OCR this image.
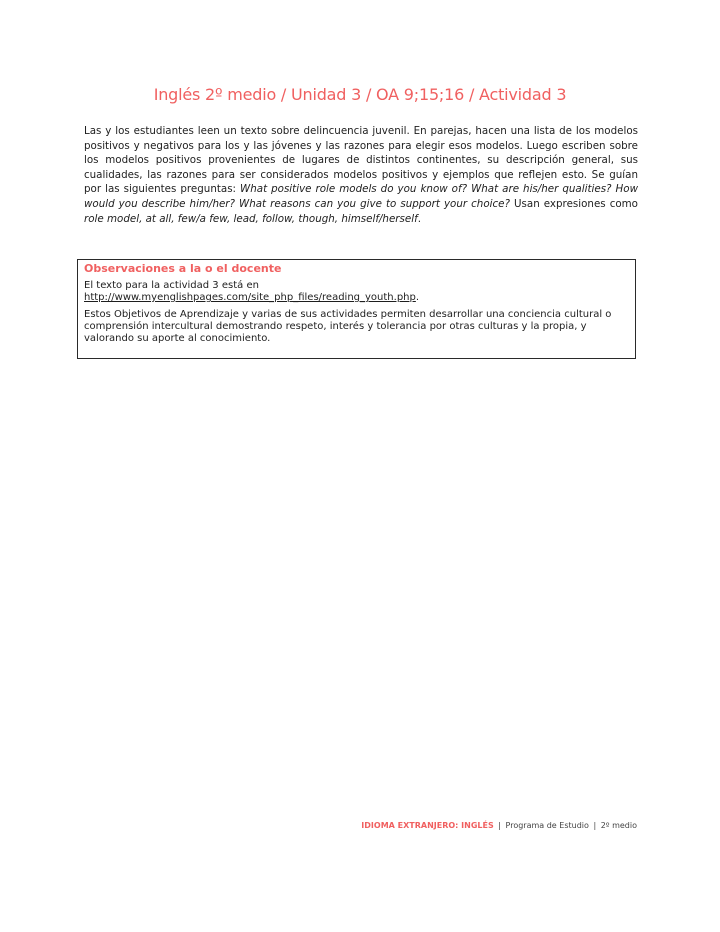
Inglés 2º medio / Unidad 3 / OA 9;15;16 / Actividad 3

Las y los estudiantes leen un texto sobre delincuencia juvenil. En parejas, hacen una lista de los modelos positivos y negativos para los y las jóvenes y las razones para elegir esos modelos. Luego escriben sobre los modelos positivos provenientes de lugares de distintos continentes, su descripción general, sus cualidades, las razones para ser considerados modelos positivos y ejemplos que reflejen esto. Se guían por las siguientes preguntas: What positive role models do you know of? What are his/her qualities? How would you describe him/her? What reasons can you give to support your choice? Usan expresiones como role model, at all, few/a few, lead, follow, though, himself/herself.

Observaciones a la o el docente

El texto para la actividad 3 está en
http://www.myenglishpages.com/site_php_files/reading_youth.php.

Estos Objetivos de Aprendizaje y varias de sus actividades permiten desarrollar una conciencia cultural o comprensión intercultural demostrando respeto, interés y tolerancia por otras culturas y la propia, y valorando su aporte al conocimiento.

IDIOMA EXTRANJERO: INGLÉS | Programa de Estudio | 2º medio
